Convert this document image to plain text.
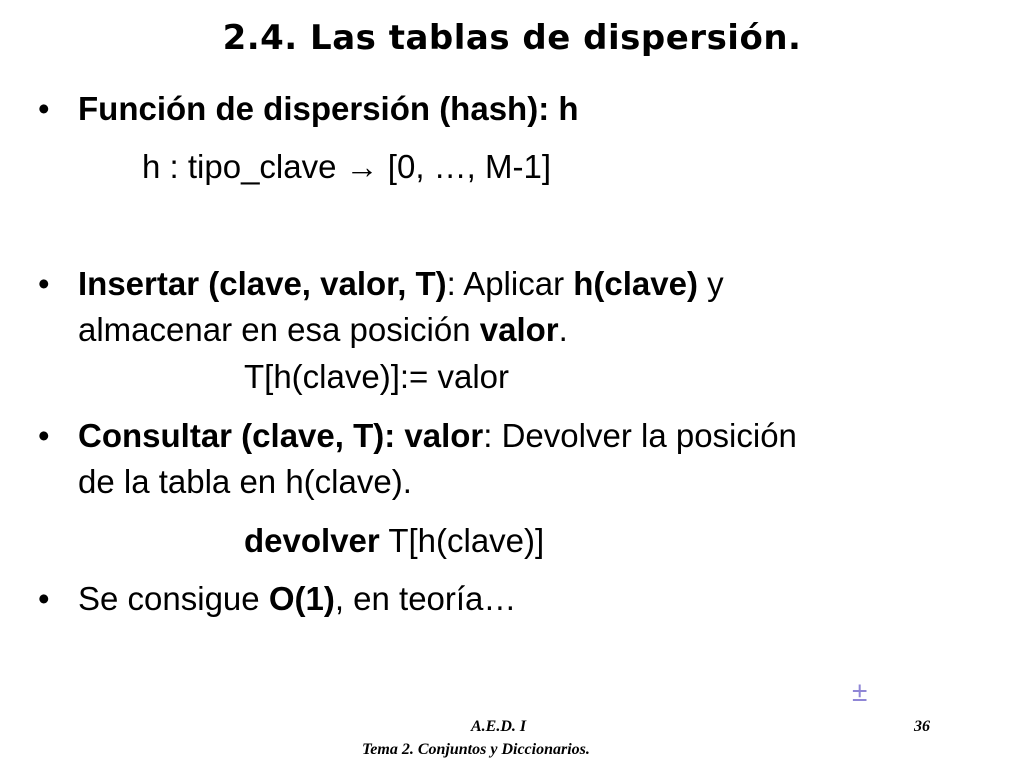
2.4. Las tablas de dispersión.
• Función de dispersión (hash): h
h : tipo_clave → [0, …, M-1]
• Insertar (clave, valor, T): Aplicar h(clave) y
almacenar en esa posición valor.
T[h(clave)]:= valor
• Consultar (clave, T): valor: Devolver la posición
de la tabla en h(clave).
devolver T[h(clave)]
• Se consigue O(1), en teoría…
±
A.E.D. I	36
Tema 2. Conjuntos y Diccionarios.
